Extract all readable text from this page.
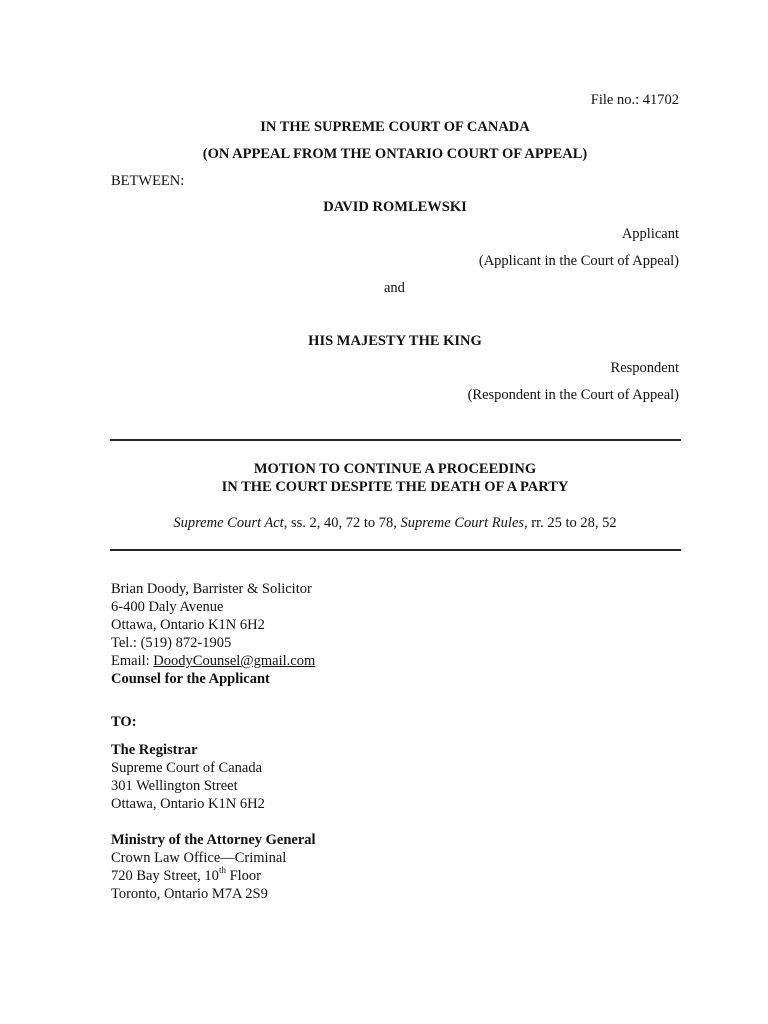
File no.: 41702
IN THE SUPREME COURT OF CANADA
(ON APPEAL FROM THE ONTARIO COURT OF APPEAL)
BETWEEN:
DAVID ROMLEWSKI
Applicant
(Applicant in the Court of Appeal)
and
HIS MAJESTY THE KING
Respondent
(Respondent in the Court of Appeal)
MOTION TO CONTINUE A PROCEEDING
IN THE COURT DESPITE THE DEATH OF A PARTY
Supreme Court Act, ss. 2, 40, 72 to 78, Supreme Court Rules, rr. 25 to 28, 52
Brian Doody, Barrister & Solicitor
6-400 Daly Avenue
Ottawa, Ontario K1N 6H2
Tel.: (519) 872-1905
Email: DoodyCounsel@gmail.com
Counsel for the Applicant
TO:
The Registrar
Supreme Court of Canada
301 Wellington Street
Ottawa, Ontario K1N 6H2
Ministry of the Attorney General
Crown Law Office—Criminal
720 Bay Street, 10th Floor
Toronto, Ontario M7A 2S9
